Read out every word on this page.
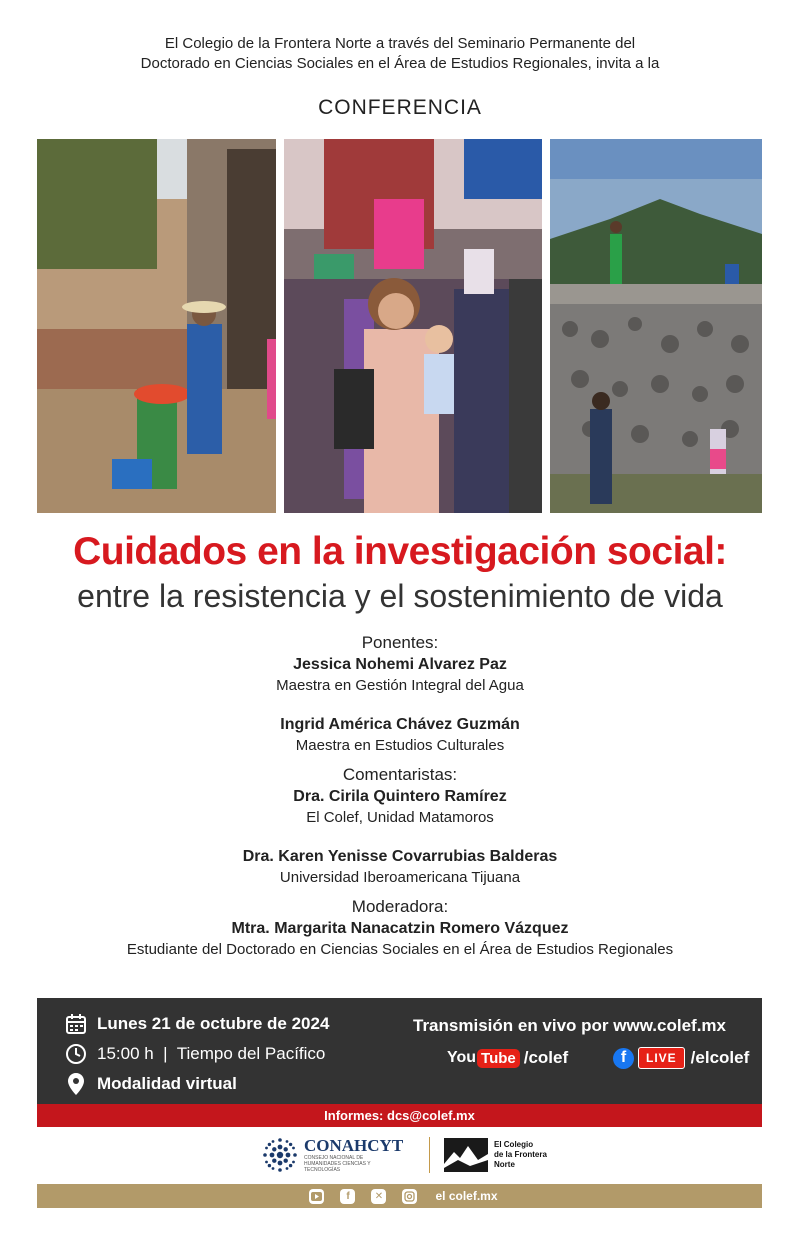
El Colegio de la Frontera Norte a través del Seminario Permanente del
Doctorado en Ciencias Sociales en el Área de Estudios Regionales, invita a la
CONFERENCIA
Cuidados en la investigación social:
entre la resistencia y el sostenimiento de vida
Ponentes:
Jessica Nohemi Alvarez Paz
Maestra en Gestión Integral del Agua
Ingrid América Chávez Guzmán
Maestra en Estudios Culturales
Comentaristas:
Dra. Cirila Quintero Ramírez
El Colef, Unidad Matamoros
Dra. Karen Yenisse Covarrubias Balderas
Universidad Iberoamericana Tijuana
Moderadora:
Mtra. Margarita Nanacatzin Romero Vázquez
Estudiante del Doctorado en Ciencias Sociales en el Área de Estudios Regionales
Lunes 21 de octubre de 2024
15:00 h  |  Tiempo del Pacífico
Modalidad virtual
Transmisión en vivo por www.colef.mx
You Tube /colef	f	LIVE /elcolef
Informes: dcs@colef.mx
CONAHCYT
CONSEJO NACIONAL DE HUMANIDADES CIENCIAS Y TECNOLOGÍAS
El Colegio
de la Frontera
Norte
f	✕	el colef.mx
